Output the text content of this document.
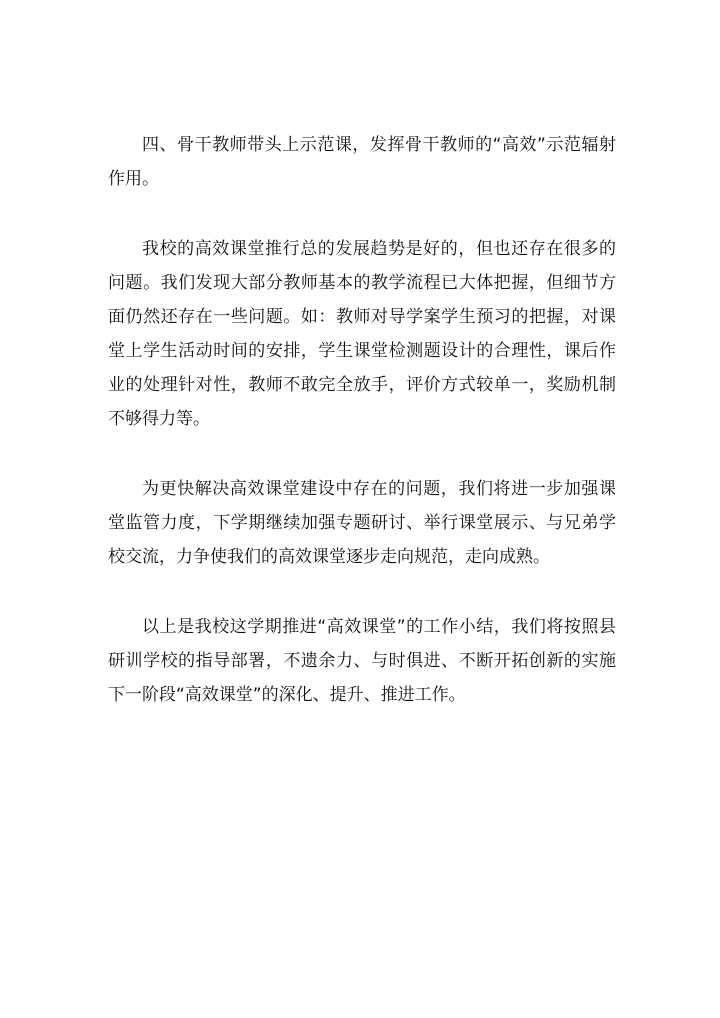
四、骨干教师带头上示范课，发挥骨干教师的“高效”示范辐射作用。

我校的高效课堂推行总的发展趋势是好的，但也还存在很多的问题。我们发现大部分教师基本的教学流程已大体把握，但细节方面仍然还存在一些问题。如：教师对导学案学生预习的把握，对课堂上学生活动时间的安排，学生课堂检测题设计的合理性，课后作业的处理针对性，教师不敢完全放手，评价方式较单一，奖励机制不够得力等。

为更快解决高效课堂建设中存在的问题，我们将进一步加强课堂监管力度，下学期继续加强专题研讨、举行课堂展示、与兄弟学校交流，力争使我们的高效课堂逐步走向规范，走向成熟。

以上是我校这学期推进“高效课堂”的工作小结，我们将按照县研训学校的指导部署，不遗余力、与时俱进、不断开拓创新的实施下一阶段“高效课堂”的深化、提升、推进工作。
